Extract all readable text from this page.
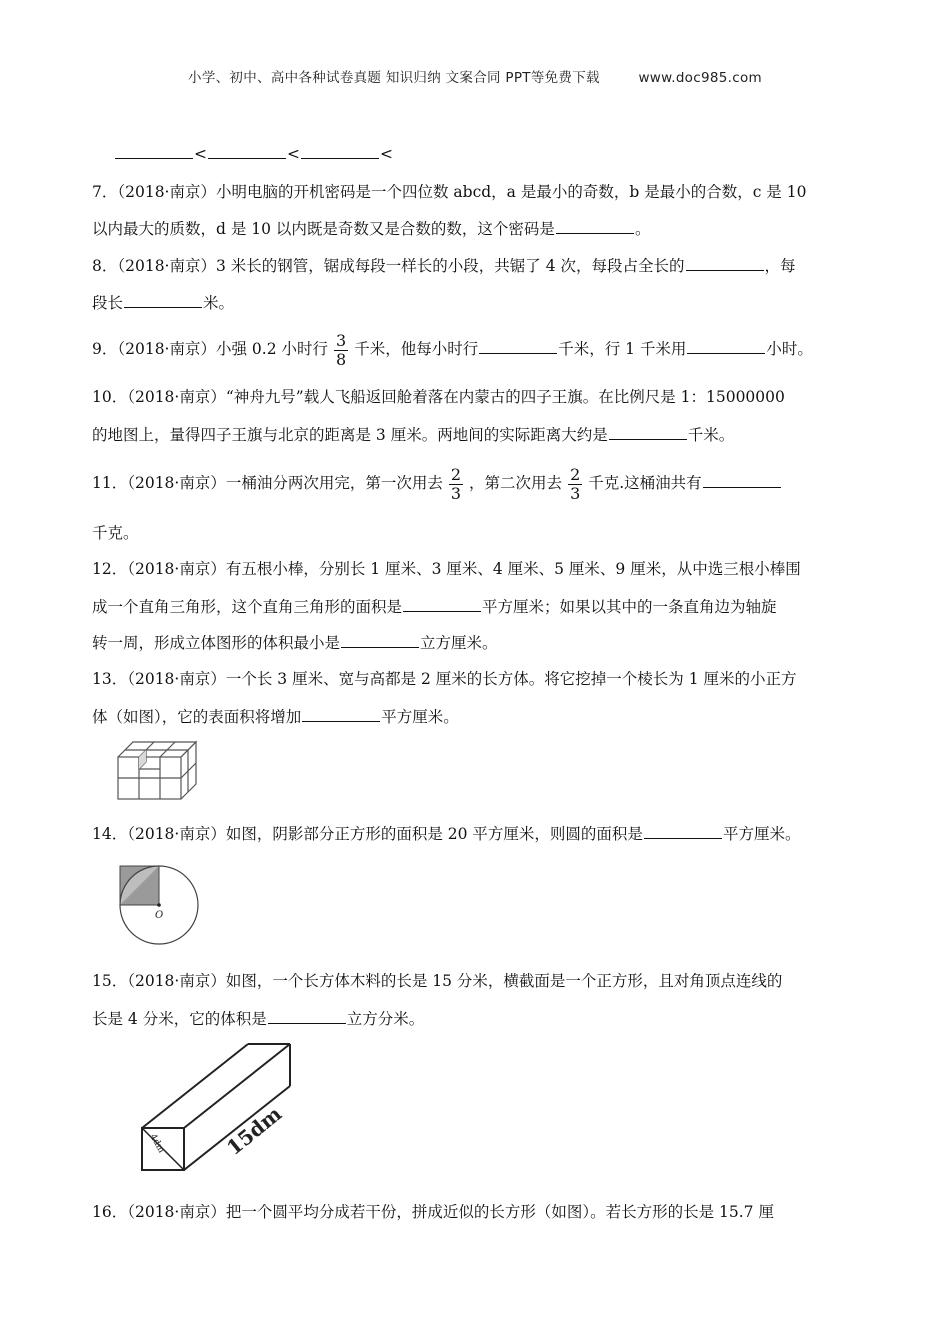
小学、初中、高中各种试卷真题 知识归纳 文案合同 PPT等免费下载	www.doc985.com
<	<	<
7．（2018·南京）小明电脑的开机密码是一个四位数 abcd，a 是最小的奇数，b 是最小的合数，c 是 10
以内最大的质数，d 是 10 以内既是奇数又是合数的数，这个密码是	。
8．（2018·南京）3 米长的钢管，锯成每段一样长的小段，共锯了 4 次，每段占全长的	，每
段长	米。
9．（2018·南京）小强 0.2 小时行 $\frac{3}{8}$ 千米，他每小时行	千米，行 1 千米用	小时。
10．（2018·南京）“神舟九号”载人飞船返回舱着落在内蒙古的四子王旗。在比例尺是 1：15000000
的地图上，量得四子王旗与北京的距离是 3 厘米。两地间的实际距离大约是	千米。
11．（2018·南京）一桶油分两次用完，第一次用去 $\frac{2}{3}$ ，第二次用去 $\frac{2}{3}$ 千克.这桶油共有
千克。
12．（2018·南京）有五根小棒，分别长 1 厘米、3 厘米、4 厘米、5 厘米、9 厘米，从中选三根小棒围
成一个直角三角形，这个直角三角形的面积是	平方厘米；如果以其中的一条直角边为轴旋
转一周，形成立体图形的体积最小是	立方厘米。
13．（2018·南京）一个长 3 厘米、宽与高都是 2 厘米的长方体。将它挖掉一个棱长为 1 厘米的小正方
体（如图），它的表面积将增加	平方厘米。
14．（2018·南京）如图，阴影部分正方形的面积是 20 平方厘米，则圆的面积是	平方厘米。
O
15．（2018·南京）如图，一个长方体木料的长是 15 分米，横截面是一个正方形，且对角顶点连线的
长是 4 分米，它的体积是	立方分米。
15dm
4dm
16．（2018·南京）把一个圆平均分成若干份，拼成近似的长方形（如图）。若长方形的长是 15.7 厘
